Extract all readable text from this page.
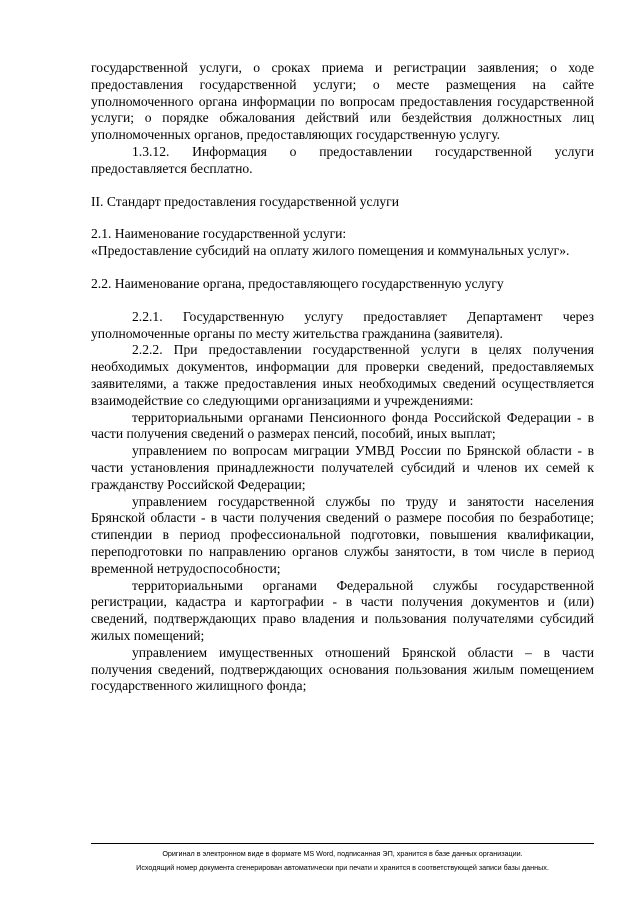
государственной услуги, о сроках приема и регистрации заявления; о ходе предоставления государственной услуги; о месте размещения на сайте уполномоченного органа информации по вопросам предоставления государственной услуги; о порядке обжалования действий или бездействия должностных лиц уполномоченных органов, предоставляющих государственную услугу.

1.3.12. Информация о предоставлении государственной услуги предоставляется бесплатно.

II. Стандарт предоставления государственной услуги

2.1. Наименование государственной услуги:

«Предоставление субсидий на оплату жилого помещения и коммунальных услуг».

2.2. Наименование органа, предоставляющего государственную услугу

2.2.1. Государственную услугу предоставляет Департамент через уполномоченные органы по месту жительства гражданина (заявителя).

2.2.2. При предоставлении государственной услуги в целях получения необходимых документов, информации для проверки сведений, предоставляемых заявителями, а также предоставления иных необходимых сведений осуществляется взаимодействие со следующими организациями и учреждениями:

территориальными органами Пенсионного фонда Российской Федерации - в части получения сведений о размерах пенсий, пособий, иных выплат;

управлением по вопросам миграции УМВД России по Брянской области - в части установления принадлежности получателей субсидий и членов их семей к гражданству Российской Федерации;

управлением государственной службы по труду и занятости населения Брянской области - в части получения сведений о размере пособия по безработице; стипендии в период профессиональной подготовки, повышения квалификации, переподготовки по направлению органов службы занятости, в том числе в период временной нетрудоспособности;

территориальными органами Федеральной службы государственной регистрации, кадастра и картографии - в части получения документов и (или) сведений, подтверждающих право владения и пользования получателями субсидий жилых помещений;

управлением имущественных отношений Брянской области – в части получения сведений, подтверждающих основания пользования жилым помещением государственного жилищного фонда;

Оригинал в электронном виде в формате MS Word, подписанная ЭП, хранится в базе данных организации.
Исходящий номер документа сгенерирован автоматически при печати и хранится в соответствующей записи базы данных.
